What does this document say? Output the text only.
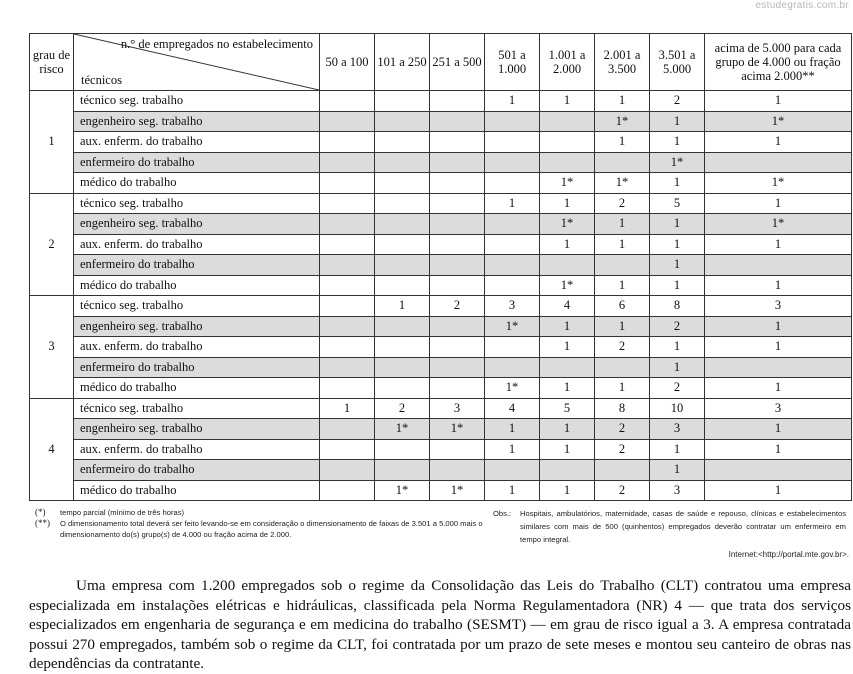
estudegratis.com.br
grau de risco	n.° de empregados no estabelecimento
técnicos	50 a 100	101 a 250	251 a 500	501 a 1.000	1.001 a 2.000	2.001 a 3.500	3.501 a 5.000	acima de 5.000 para cada grupo de 4.000 ou fração acima 2.000**
1	técnico seg. trabalho				1	1	1	2	1
	engenheiro seg. trabalho						1*	1	1*
	aux. enferm. do trabalho						1	1	1
	enfermeiro do trabalho							1*	
	médico do trabalho					1*	1*	1	1*
2	técnico seg. trabalho				1	1	2	5	1
	engenheiro seg. trabalho					1*	1	1	1*
	aux. enferm. do trabalho					1	1	1	1
	enfermeiro do trabalho							1	
	médico do trabalho					1*	1	1	1
3	técnico seg. trabalho		1	2	3	4	6	8	3
	engenheiro seg. trabalho				1*	1	1	2	1
	aux. enferm. do trabalho					1	2	1	1
	enfermeiro do trabalho							1	
	médico do trabalho				1*	1	1	2	1
4	técnico seg. trabalho	1	2	3	4	5	8	10	3
	engenheiro seg. trabalho		1*	1*	1	1	2	3	1
	aux. enferm. do trabalho				1	1	2	1	1
	enfermeiro do trabalho							1	
	médico do trabalho		1*	1*	1	1	2	3	1
(*) tempo parcial (mínimo de três horas)
(**) O dimensionamento total deverá ser feito levando-se em consideração o dimensionamento de faixas de 3.501 a 5.000 mais o dimensionamento do(s) grupo(s) de 4.000 ou fração acima de 2.000.
Obs.:	Hospitais, ambulatórios, maternidade, casas de saúde e repouso, clínicas e estabelecimentos similares com mais de 500 (quinhentos) empregados deverão contratar um enfermeiro em tempo integral.
Internet:<http://portal.mte.gov.br>.
Uma empresa com 1.200 empregados sob o regime da Consolidação das Leis do Trabalho (CLT) contratou uma empresa especializada em instalações elétricas e hidráulicas, classificada pela Norma Regulamentadora (NR) 4 — que trata dos serviços especializados em engenharia de segurança e em medicina do trabalho (SESMT) — em grau de risco igual a 3. A empresa contratada possui 270 empregados, também sob o regime da CLT, foi contratada por um prazo de sete meses e montou seu canteiro de obras nas dependências da contratante.
